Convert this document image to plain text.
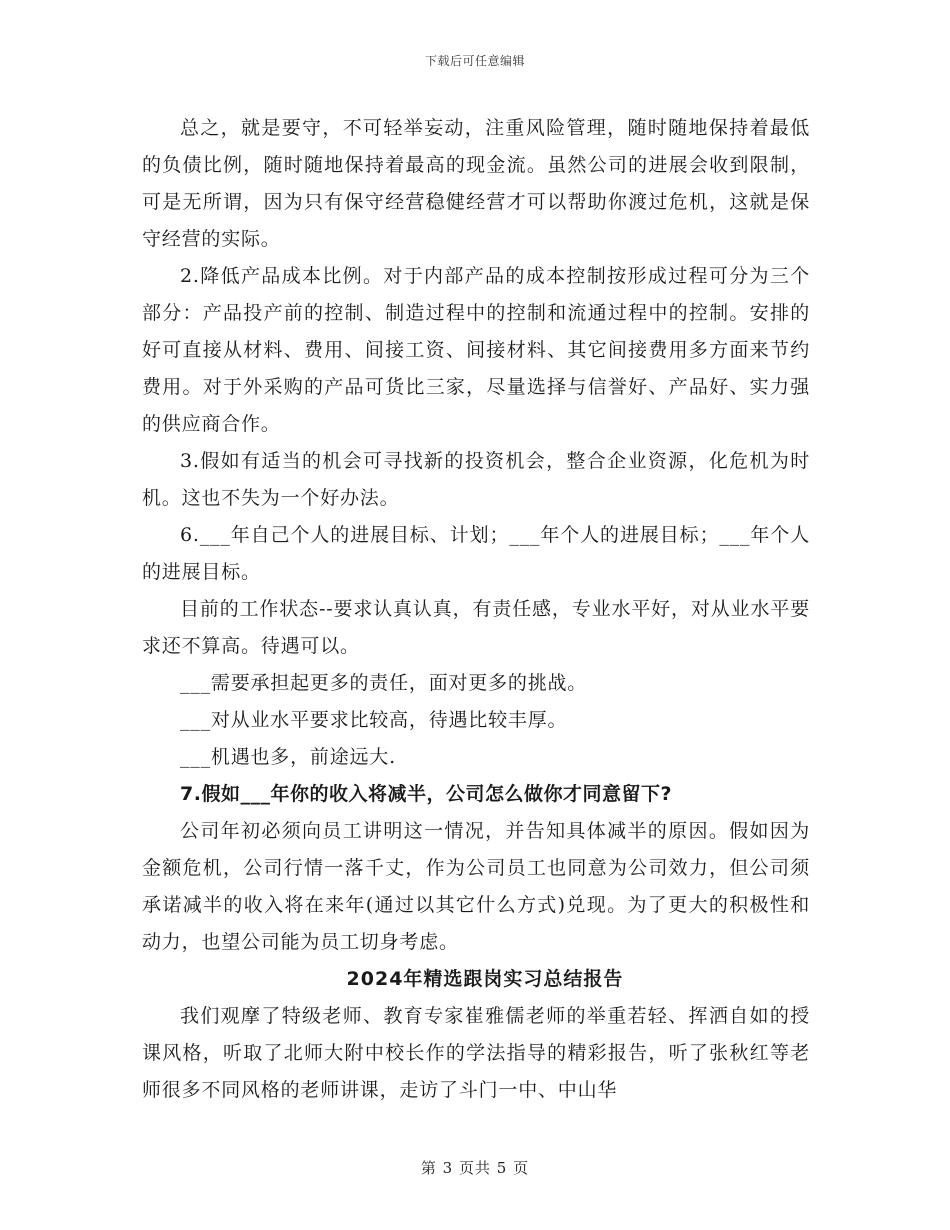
下载后可任意编辑

总之，就是要守，不可轻举妄动，注重风险管理，随时随地保持着最低的负债比例，随时随地保持着最高的现金流。虽然公司的进展会收到限制，可是无所谓，因为只有保守经营稳健经营才可以帮助你渡过危机，这就是保守经营的实际。

2.降低产品成本比例。对于内部产品的成本控制按形成过程可分为三个部分：产品投产前的控制、制造过程中的控制和流通过程中的控制。安排的好可直接从材料、费用、间接工资、间接材料、其它间接费用多方面来节约费用。对于外采购的产品可货比三家，尽量选择与信誉好、产品好、实力强的供应商合作。

3.假如有适当的机会可寻找新的投资机会，整合企业资源，化危机为时机。这也不失为一个好办法。

6.___年自己个人的进展目标、计划；___年个人的进展目标；___年个人的进展目标。

目前的工作状态--要求认真认真，有责任感，专业水平好，对从业水平要求还不算高。待遇可以。

___需要承担起更多的责任，面对更多的挑战。

___对从业水平要求比较高，待遇比较丰厚。

___机遇也多，前途远大.

7.假如___年你的收入将减半，公司怎么做你才同意留下?

公司年初必须向员工讲明这一情况，并告知具体减半的原因。假如因为金额危机，公司行情一落千丈，作为公司员工也同意为公司效力，但公司须承诺减半的收入将在来年(通过以其它什么方式)兑现。为了更大的积极性和动力，也望公司能为员工切身考虑。

2024年精选跟岗实习总结报告

我们观摩了特级老师、教育专家崔雅儒老师的举重若轻、挥洒自如的授课风格，听取了北师大附中校长作的学法指导的精彩报告，听了张秋红等老师很多不同风格的老师讲课，走访了斗门一中、中山华

第 3 页共 5 页
